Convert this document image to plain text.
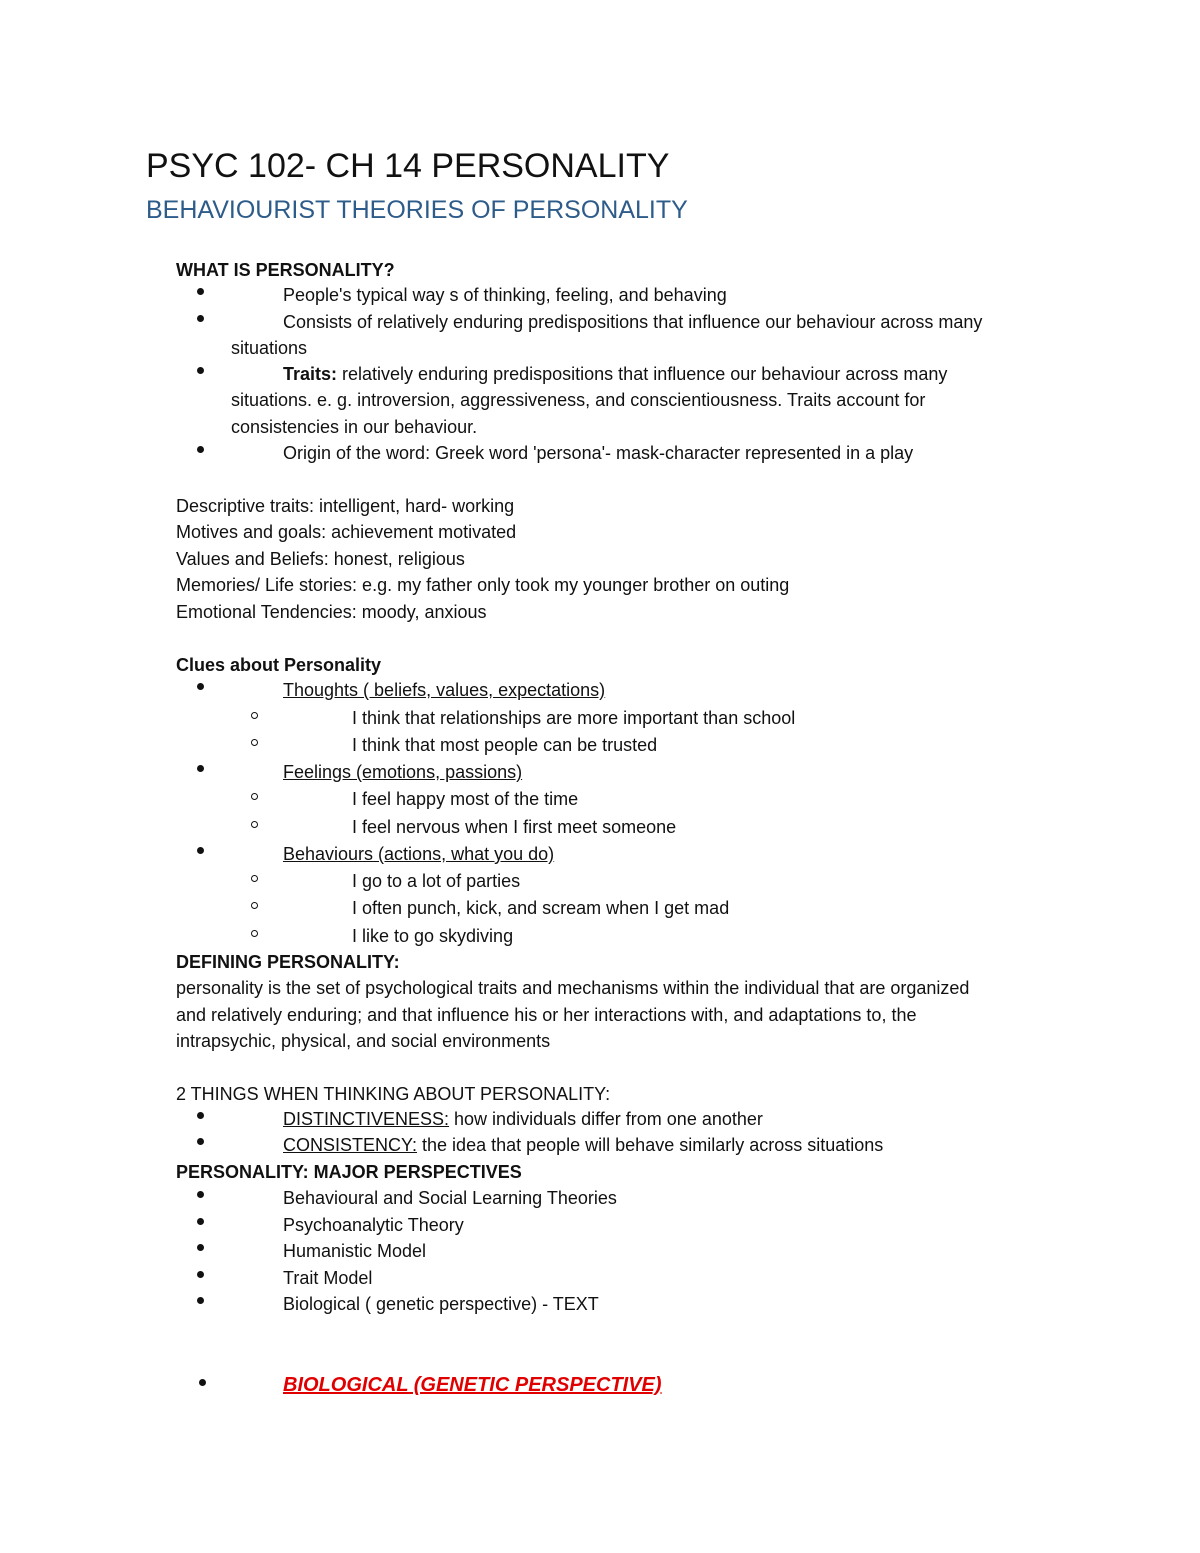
PSYC 102- CH 14 PERSONALITY
BEHAVIOURIST THEORIES OF PERSONALITY
WHAT IS PERSONALITY?
People's typical way s of thinking, feeling, and behaving
Consists of relatively enduring predispositions that influence our behaviour across many
situations
Traits: relatively enduring predispositions that influence our behaviour across many
situations. e. g. introversion, aggressiveness, and conscientiousness. Traits account for
consistencies in our behaviour.
Origin of the word: Greek word 'persona'- mask-character represented in a play
Descriptive traits: intelligent, hard- working
Motives and goals: achievement motivated
Values and Beliefs: honest, religious
Memories/ Life stories: e.g. my father only took my younger brother on outing
Emotional Tendencies: moody, anxious
Clues about Personality
Thoughts ( beliefs, values, expectations)
I think that relationships are more important than school
I think that most people can be trusted
Feelings (emotions, passions)
I feel happy most of the time
I feel nervous when I first meet someone
Behaviours (actions, what you do)
I go to a lot of parties
I often punch, kick, and scream when I get mad
I like to go skydiving
DEFINING PERSONALITY:
personality is the set of psychological traits and mechanisms within the individual that are organized
and relatively enduring; and that influence his or her interactions with, and adaptations to, the
intrapsychic, physical, and social environments
2 THINGS WHEN THINKING ABOUT PERSONALITY:
DISTINCTIVENESS: how individuals differ from one another
CONSISTENCY: the idea that people will behave similarly across situations
PERSONALITY: MAJOR PERSPECTIVES
Behavioural and Social Learning Theories
Psychoanalytic Theory
Humanistic Model
Trait Model
Biological ( genetic perspective) - TEXT
BIOLOGICAL (GENETIC PERSPECTIVE)
